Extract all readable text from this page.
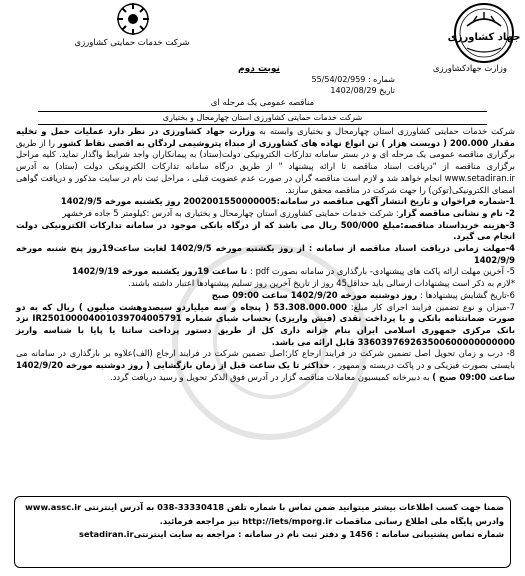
جهاد کشاورزی
شرکت خدمات حمایتی کشاورزی
وزارت جهادکشاورزی
شماره : 55/54/02/959
تاریخ 1402/08/29
نوبت دوم
مناقصه عمومی یک مرحله ای
شرکت خدمات حمایتی کشاورزی استان چهارمحال و بختیاری

شرکت خدمات حمایتی کشاورزی استان چهارمحال و بختیاری وابسته به وزارت جهاد کشاورزی در نظر دارد عملیات حمل و تخلیه مقدار 200.000 ( دویست هزار ) تن انواع نهاده های کشاورزی از مبداء پتروشیمی لردگان به اقصی نقاط کشور را از طریق برگزاری مناقصه عمومی یک مرحله ای و در بستر سامانه تدارکات الکترونیکی دولت(ستاد) به پیمانکاران واجد شرایط واگذار نماید. کلیه مراحل برگزاری مناقصه از "دریافت اسناد مناقصه تا ارائه پیشنهاد " از طریق درگاه سامانه تدارکات الکترونیکی دولت (ستاد) به آدرس www.setadiran.ir انجام خواهد شد و لازم است مناقصه گران در صورت عدم عضویت قبلی ، مراحل ثبت نام در سایت مذکور و دریافت گواهی امضای الکترونیکی(توکن) را جهت شرکت در مناقصه محقق سازند.

1-شماره فراخوان و تاریخ انتشار آگهی مناقصه در سامانه:2002001550000005 روز یکشنبه مورخه 1402/9/5

2- نام و نشانی مناقصه گزار: شرکت خدمات حمایتی کشاورزی استان چهارمحال و بختیاری به آدرس :کیلومتر 5 جاده فرخشهر

3-هزینه خریداسناد مناقصه:مبلغ 500/000 ریال می باشد که از درگاه بانکی موجود در سامانه تدارکات الکترونیکی دولت انجام می گیرد.

4-مهلت زمانی دریافت اسناد مناقصه از سامانه : از روز یکشنبه مورخه 1402/9/5 لغایت ساعت19روز پنج شنبه مورخه 1402/9/9

5- آخرین مهلت ارائه پاکت های پیشنهادی- بارگذاری در سامانه بصورت pdf : تا ساعت 19روز یکشنبه مورخه 1402/9/19

*لازم به ذکر است پیشنهادات ارسالی باید حداقل45 روز از تاریخ آخرین روز تسلیم پیشنهادها اعتبار داشته باشند.

6-تاریخ گشایش پیشنهادها : روز دوشنبه مورخه 1402/9/20 ساعت 09:00 صبح

7-میزان و نوع تضمین فرایند اجرای کار مبلغ: 53.308.000.000 ( پنجاه و سه میلیاردو سیصدوهشت میلیون ) ریال که به دو صورت ضمانتنامه بانکی و یا پرداخت نقدی (فیش واریزی) بحساب شبای شماره IR250100004001039704005791 نزد بانک مرکزی جمهوری اسلامی ایران بنام خزانه داری کل از طریق دستور پرداخت ساتنا یا پایا با شناسه واریز 336039769263500600000000000 قابل ارائه می باشد.

8- درب و زمان تحویل اصل تضمین شرکت در فرایند ارجاع کار:اصل تضمین شرکت در فرایند ارجاع (الف)علاوه بر بارگذاری در سامانه می بایستی بصورت فیزیکی و در پاکت دربسته و ممهور ، حداکثر تا یک ساعت قبل از زمان بازگشایی ( روز دوشنبه مورخه 1402/9/20 ساعت 09:00 صبح ) به دبیرخانه کمیسیون معاملات مناقصه گزار در آدرس فوق الذکر تحویل و رسید دریافت گردد.

ضمنا جهت کسب اطلاعات بیشتر میتوانید ضمن تماس با شماره تلفن 33330418-038 به آدرس اینترنتی www.assc.ir وادرس پایگاه ملی اطلاع رسانی مناقصات http://iets/mporg.ir نیز مراجعه فرمائید.

شماره تماس پشتیبانی سامانه : 1456 و دفتر ثبت نام در سامانه : مراجعه به سایت اینترنتیsetadiran.ir
